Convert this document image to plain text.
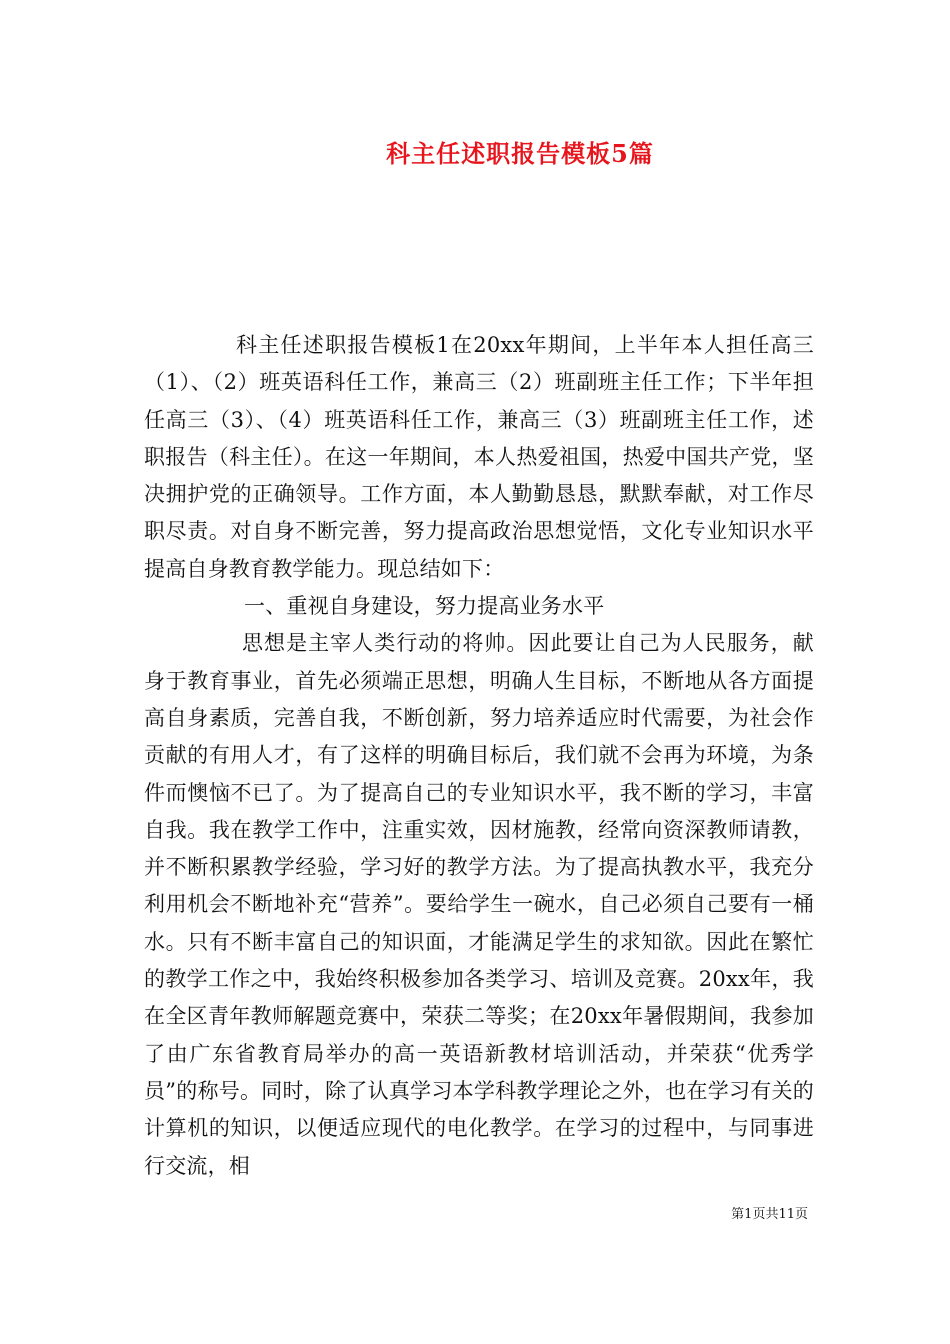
科主任述职报告模板5篇

科主任述职报告模板1在20xx年期间，上半年本人担任高三（1）、（2）班英语科任工作，兼高三（2）班副班主任工作；下半年担任高三（3）、（4）班英语科任工作，兼高三（3）班副班主任工作，述职报告（科主任）。在这一年期间，本人热爱祖国，热爱中国共产党，坚决拥护党的正确领导。工作方面，本人勤勤恳恳，默默奉献，对工作尽职尽责。对自身不断完善，努力提高政治思想觉悟，文化专业知识水平提高自身教育教学能力。现总结如下：

一、重视自身建设，努力提高业务水平

思想是主宰人类行动的将帅。因此要让自己为人民服务，献身于教育事业，首先必须端正思想，明确人生目标，不断地从各方面提高自身素质，完善自我，不断创新，努力培养适应时代需要，为社会作贡献的有用人才，有了这样的明确目标后，我们就不会再为环境，为条件而懊恼不已了。为了提高自己的专业知识水平，我不断的学习，丰富自我。我在教学工作中，注重实效，因材施教，经常向资深教师请教，并不断积累教学经验，学习好的教学方法。为了提高执教水平，我充分利用机会不断地补充“营养”。要给学生一碗水，自己必须自己要有一桶水。只有不断丰富自己的知识面，才能满足学生的求知欲。因此在繁忙的教学工作之中，我始终积极参加各类学习、培训及竞赛。20xx年，我在全区青年教师解题竞赛中，荣获二等奖；在20xx年暑假期间，我参加了由广东省教育局举办的高一英语新教材培训活动，并荣获“优秀学员”的称号。同时，除了认真学习本学科教学理论之外，也在学习有关的计算机的知识，以便适应现代的电化教学。在学习的过程中，与同事进行交流，相

第1页共11页
